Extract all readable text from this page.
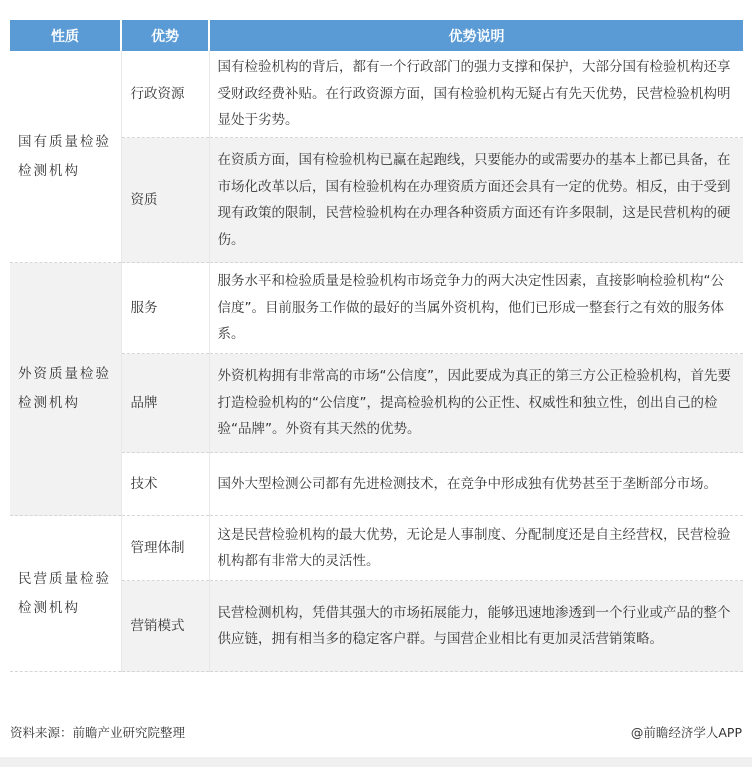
性质	优势	优势说明
国有质量检验检测机构	行政资源	国有检验机构的背后，都有一个行政部门的强力支撑和保护，大部分国有检验机构还享受财政经费补贴。在行政资源方面，国有检验机构无疑占有先天优势，民营检验机构明显处于劣势。
	资质	在资质方面，国有检验机构已赢在起跑线，只要能办的或需要办的基本上都已具备，在市场化改革以后，国有检验机构在办理资质方面还会具有一定的优势。相反，由于受到现有政策的限制，民营检验机构在办理各种资质方面还有许多限制，这是民营机构的硬伤。
外资质量检验检测机构	服务	服务水平和检验质量是检验机构市场竞争力的两大决定性因素，直接影响检验机构“公信度”。目前服务工作做的最好的当属外资机构，他们已形成一整套行之有效的服务体系。
	品牌	外资机构拥有非常高的市场“公信度”，因此要成为真正的第三方公正检验机构，首先要打造检验机构的“公信度”，提高检验机构的公正性、权威性和独立性，创出自己的检验“品牌”。外资有其天然的优势。
	技术	国外大型检测公司都有先进检测技术，在竞争中形成独有优势甚至于垄断部分市场。
民营质量检验检测机构	管理体制	这是民营检验机构的最大优势，无论是人事制度、分配制度还是自主经营权，民营检验机构都有非常大的灵活性。
	营销模式	民营检测机构，凭借其强大的市场拓展能力，能够迅速地渗透到一个行业或产品的整个供应链，拥有相当多的稳定客户群。与国营企业相比有更加灵活营销策略。
资料来源：前瞻产业研究院整理	@前瞻经济学人APP
